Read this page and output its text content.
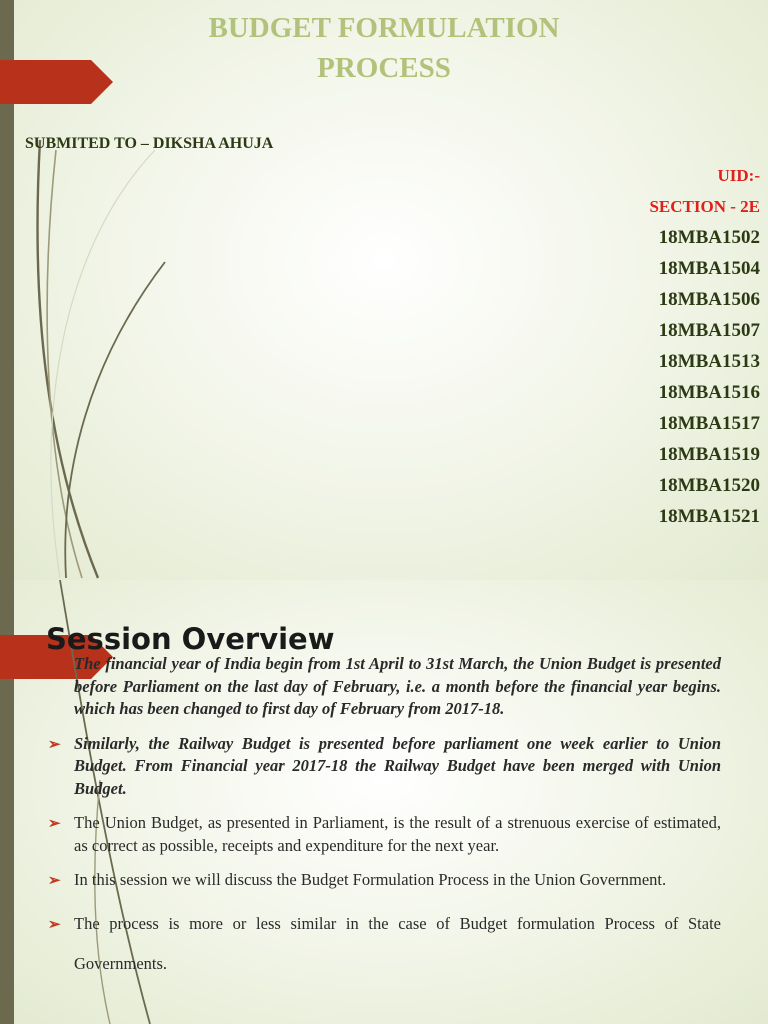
BUDGET FORMULATION
PROCESS
SUBMITED TO – DIKSHA AHUJA
UID:-
SECTION - 2E
18MBA1502
18MBA1504
18MBA1506
18MBA1507
18MBA1513
18MBA1516
18MBA1517
18MBA1519
18MBA1520
18MBA1521
Session Overview
The financial year of India begin from 1st April to 31st March, the Union Budget is presented before Parliament on the last day of February, i.e. a month before the financial year begins. which has been changed to first day of February from 2017-18.
➢ Similarly, the Railway Budget is presented before parliament one week earlier to Union Budget. From Financial year 2017-18 the Railway Budget have been merged with Union Budget.
➢ The Union Budget, as presented in Parliament, is the result of a strenuous exercise of estimated, as correct as possible, receipts and expenditure for the next year.
➢ In this session we will discuss the Budget Formulation Process in the Union Government.
➢ The process is more or less similar in the case of Budget formulation Process of State Governments.
